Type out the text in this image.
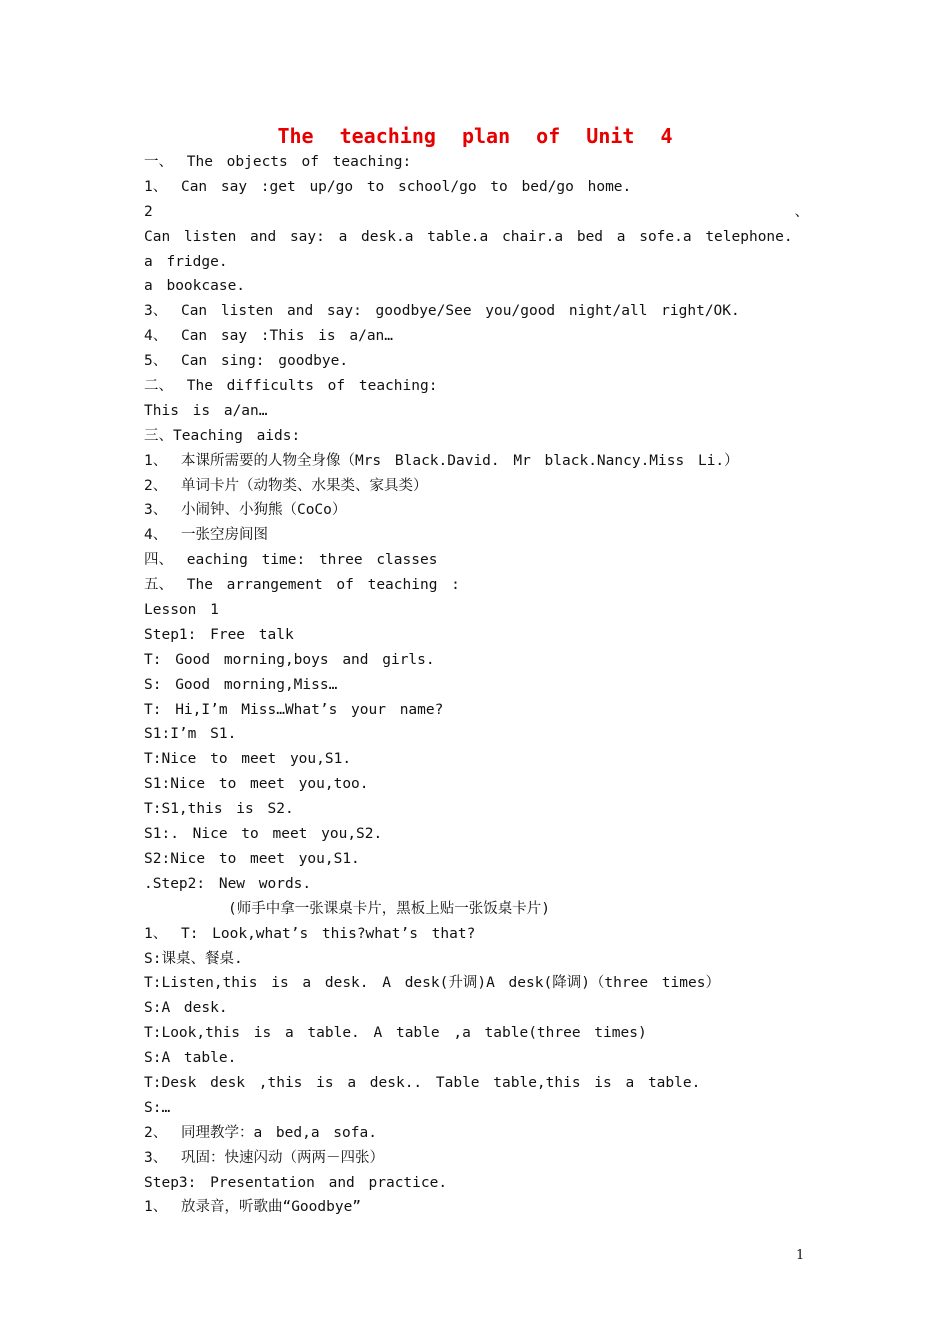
The teaching plan of Unit 4
一、 The objects of teaching:
1、 Can say :get up/go to school/go to bed/go home.
2	、
Can listen and say: a desk.a table.a chair.a bed a sofe.a telephone.
a fridge.
a bookcase.
3、 Can listen and say: goodbye/See you/good night/all right/OK.
4、 Can say :This is a/an…
5、 Can sing: goodbye.
二、 The difficults of teaching:
This is a/an…
三、Teaching aids:
1、 本课所需要的人物全身像（Mrs Black.David. Mr black.Nancy.Miss Li.）
2、 单词卡片（动物类、水果类、家具类）
3、 小闹钟、小狗熊（CoCo）
4、 一张空房间图
四、 eaching time: three classes
五、 The arrangement of teaching :
Lesson 1
Step1: Free talk
T: Good morning,boys and girls.
S: Good morning,Miss…
T: Hi,I’m Miss…What’s your name?
S1:I’m S1.
T:Nice to meet you,S1.
S1:Nice to meet you,too.
T:S1,this is S2.
S1:. Nice to meet you,S2.
S2:Nice to meet you,S1.
.Step2: New words.
(师手中拿一张课桌卡片，黑板上贴一张饭桌卡片)
1、 T: Look,what’s this?what’s that?
S:课桌、餐桌.
T:Listen,this is a desk. A desk(升调)A desk(降调)（three times）
S:A desk.
T:Look,this is a table. A table ,a table(three times)
S:A table.
T:Desk desk ,this is a desk.. Table table,this is a table.
S:…
2、 同理教学：a bed,a sofa.
3、 巩固：快速闪动（两两－四张）
Step3: Presentation and practice.
1、 放录音，听歌曲“Goodbye”
1
